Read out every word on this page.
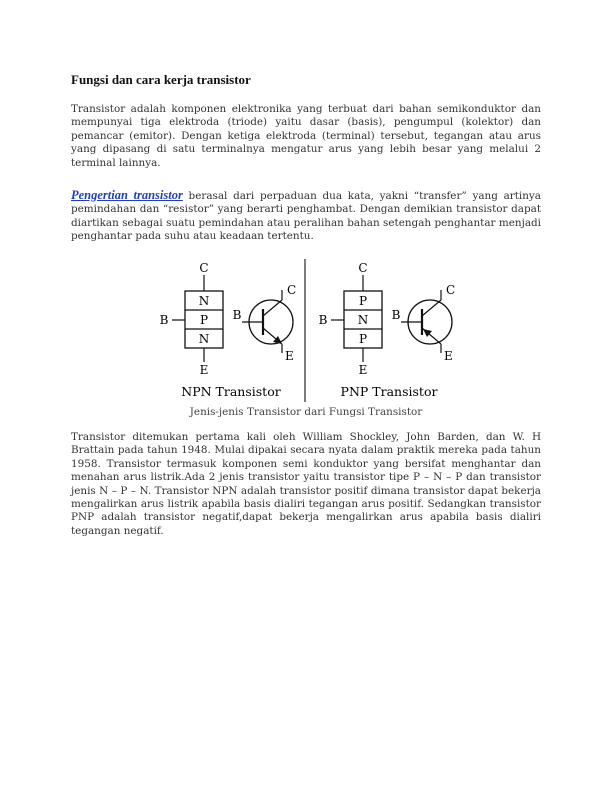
Fungsi dan cara kerja transistor

Transistor adalah komponen elektronika yang terbuat dari bahan semikonduktor dan mempunyai tiga elektroda (triode) yaitu dasar (basis), pengumpul (kolektor) dan pemancar (emitor). Dengan ketiga elektroda (terminal) tersebut, tegangan atau arus yang dipasang di satu terminalnya mengatur arus yang lebih besar yang melalui 2 terminal lainnya.

Pengertian transistor berasal dari perpaduan dua kata, yakni “transfer” yang artinya pemindahan dan “resistor” yang berarti penghambat. Dengan demikian transistor dapat diartikan sebagai suatu pemindahan atau peralihan bahan setengah penghantar menjadi penghantar pada suhu atau keadaan tertentu.

C
N
P
N
B
E
B
C
E
NPN Transistor
C
P
N
P
B
E
B
C
E
PNP Transistor
Jenis-jenis Transistor dari Fungsi Transistor

Transistor ditemukan pertama kali oleh William Shockley, John Barden, dan W. H Brattain pada tahun 1948. Mulai dipakai secara nyata dalam praktik mereka pada tahun 1958. Transistor termasuk komponen semi konduktor yang bersifat menghantar dan menahan arus listrik.Ada 2 jenis transistor yaitu transistor tipe P – N – P dan transistor jenis N – P – N. Transistor NPN adalah transistor positif dimana transistor dapat bekerja mengalirkan arus listrik apabila basis dialiri tegangan arus positif. Sedangkan transistor PNP adalah transistor negatif,dapat bekerja mengalirkan arus apabila basis dialiri tegangan negatif.
